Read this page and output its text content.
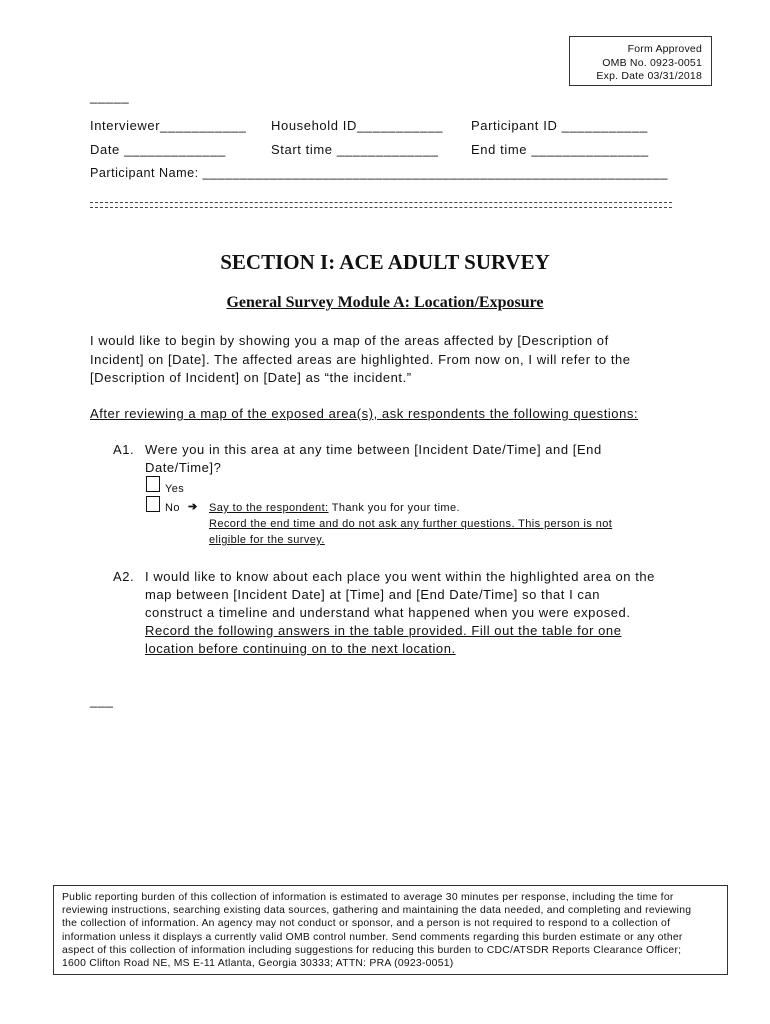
Form Approved
OMB No. 0923-0051
Exp. Date 03/31/2018
_____
Interviewer___________ Household ID___________ Participant ID ___________
Date _____________	Start time _____________ End time _______________
Participant Name: ______________________________________________________________
SECTION I: ACE ADULT SURVEY
General Survey Module A: Location/Exposure
I would like to begin by showing you a map of the areas affected by [Description of
Incident] on [Date]. The affected areas are highlighted. From now on, I will refer to the
[Description of Incident] on [Date] as “the incident.”
After reviewing a map of the exposed area(s), ask respondents the following questions:
A1. Were you in this area at any time between [Incident Date/Time] and [End
Date/Time]?
Yes
No ➔ Say to the respondent: Thank you for your time.
Record the end time and do not ask any further questions. This person is not
eligible for the survey.
A2. I would like to know about each place you went within the highlighted area on the
map between [Incident Date] at [Time] and [End Date/Time] so that I can
construct a timeline and understand what happened when you were exposed.
Record the following answers in the table provided. Fill out the table for one
location before continuing on to the next location.
___
Public reporting burden of this collection of information is estimated to average 30 minutes per response, including the time for
reviewing instructions, searching existing data sources, gathering and maintaining the data needed, and completing and reviewing
the collection of information. An agency may not conduct or sponsor, and a person is not required to respond to a collection of
information unless it displays a currently valid OMB control number. Send comments regarding this burden estimate or any other
aspect of this collection of information including suggestions for reducing this burden to CDC/ATSDR Reports Clearance Officer;
1600 Clifton Road NE, MS E-11 Atlanta, Georgia 30333; ATTN: PRA (0923-0051)
